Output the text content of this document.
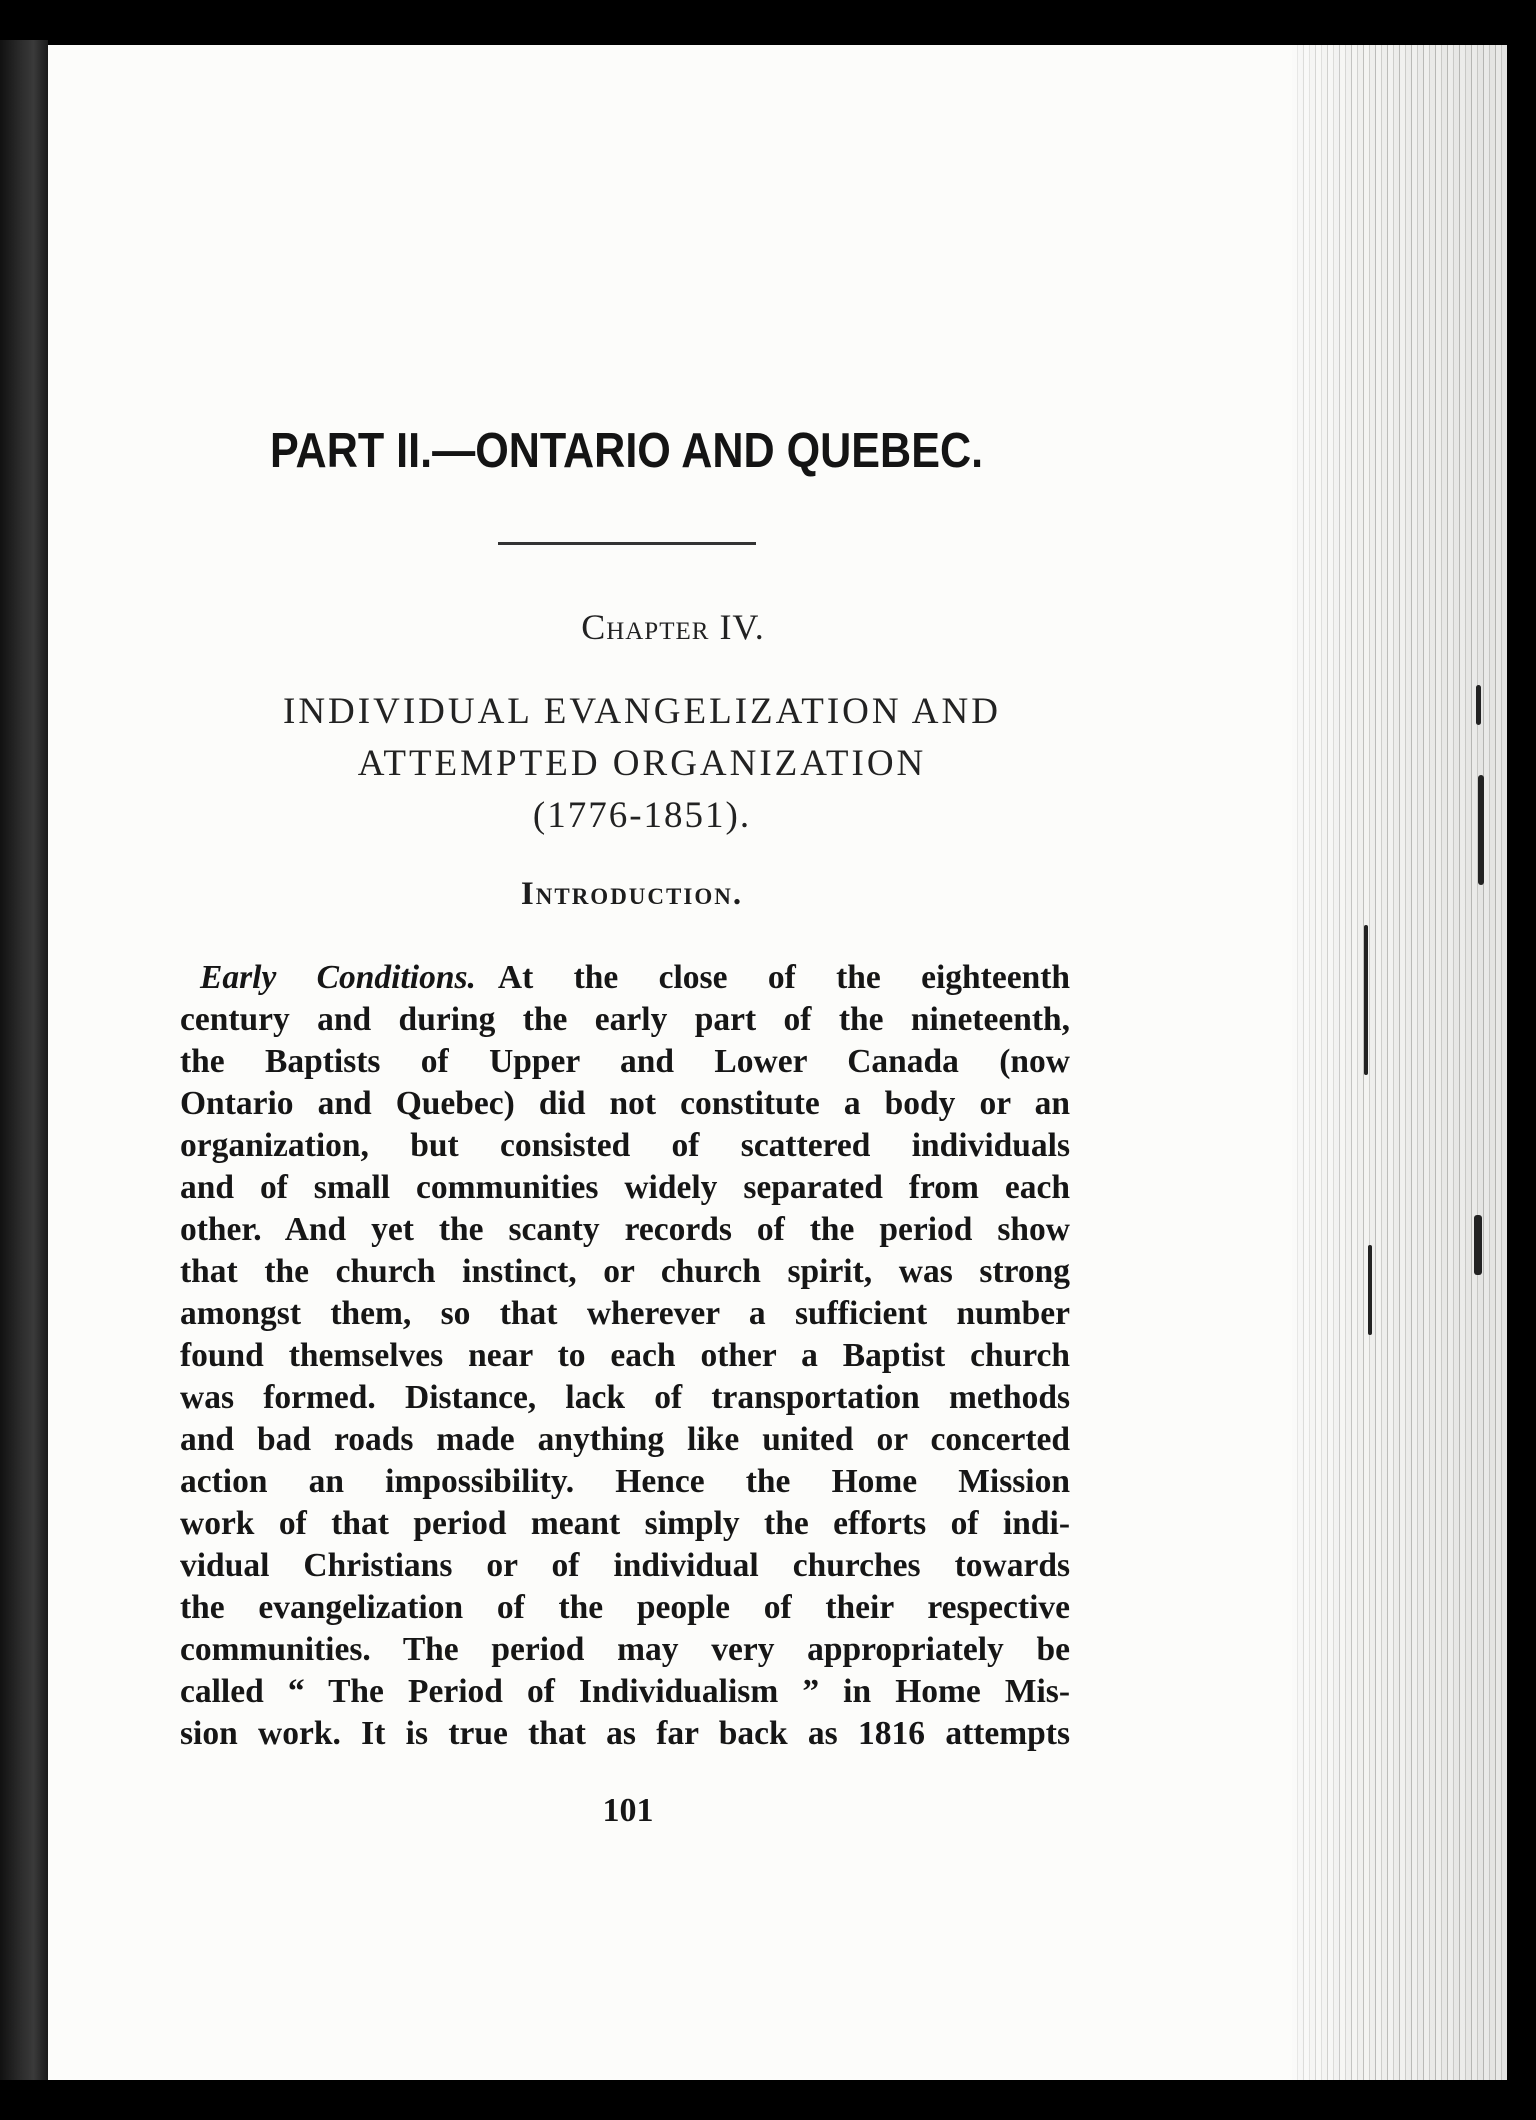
PART II.—ONTARIO AND QUEBEC.
Chapter IV.
INDIVIDUAL EVANGELIZATION AND
ATTEMPTED ORGANIZATION
(1776-1851).
Introduction.
Early Conditions. At the close of the eighteenth
century and during the early part of the nineteenth,
the Baptists of Upper and Lower Canada (now
Ontario and Quebec) did not constitute a body or an
organization, but consisted of scattered individuals
and of small communities widely separated from each
other. And yet the scanty records of the period show
that the church instinct, or church spirit, was strong
amongst them, so that wherever a sufficient number
found themselves near to each other a Baptist church
was formed. Distance, lack of transportation methods
and bad roads made anything like united or concerted
action an impossibility. Hence the Home Mission
work of that period meant simply the efforts of indi-
vidual Christians or of individual churches towards
the evangelization of the people of their respective
communities. The period may very appropriately be
called “ The Period of Individualism ” in Home Mis-
sion work. It is true that as far back as 1816 attempts
101
